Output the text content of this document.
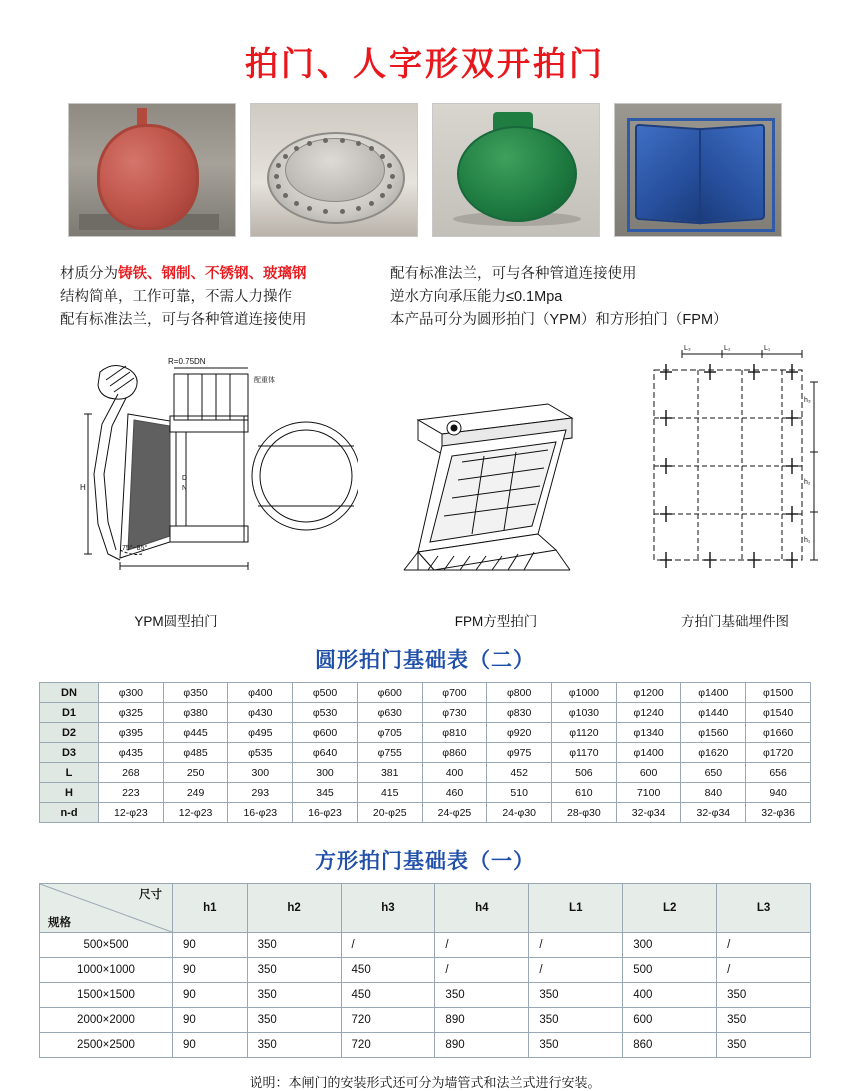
拍门、人字形双开拍门
材质分为铸铁、钢制、不锈钢、玻璃钢
结构简单，工作可靠，不需人力操作
配有标准法兰，可与各种管道连接使用
配有标准法兰，可与各种管道连接使用
逆水方向承压能力≤0.1Mpa
本产品可分为圆形拍门（YPM）和方形拍门（FPM）
R=0.75DN
配重体
75°~85°
H
D
N
L₃	L₂	L₁
h₃
h₂
h₁
YPM圆型拍门	FPM方型拍门	方拍门基础埋件图
圆形拍门基础表（二）
DN	φ300	φ350	φ400	φ500	φ600	φ700	φ800	φ1000	φ1200	φ1400	φ1500
D1	φ325	φ380	φ430	φ530	φ630	φ730	φ830	φ1030	φ1240	φ1440	φ1540
D2	φ395	φ445	φ495	φ600	φ705	φ810	φ920	φ1120	φ1340	φ1560	φ1660
D3	φ435	φ485	φ535	φ640	φ755	φ860	φ975	φ1170	φ1400	φ1620	φ1720
L	268	250	300	300	381	400	452	506	600	650	656
H	223	249	293	345	415	460	510	610	7100	840	940
n-d	12-φ23	12-φ23	16-φ23	16-φ23	20-φ25	24-φ25	24-φ30	28-φ30	32-φ34	32-φ34	32-φ36
方形拍门基础表（一）
尺寸
规格	h1	h2	h3	h4	L1	L2	L3
500×500	90	350	/	/	/	300	/
1000×1000	90	350	450	/	/	500	/
1500×1500	90	350	450	350	350	400	350
2000×2000	90	350	720	890	350	600	350
2500×2500	90	350	720	890	350	860	350
说明：本闸门的安装形式还可分为墙管式和法兰式进行安装。
